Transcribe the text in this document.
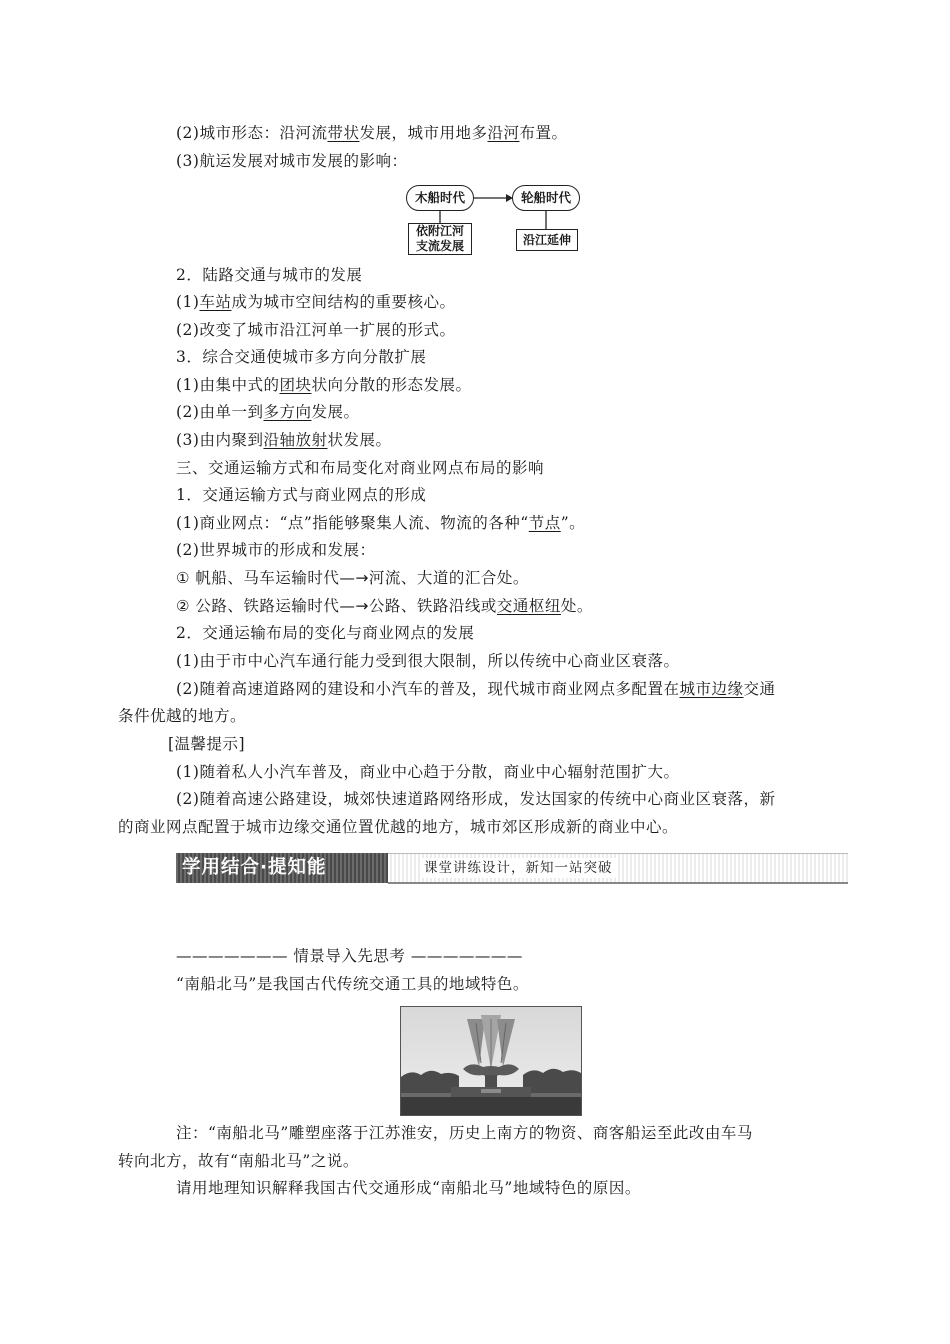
(2)城市形态：沿河流带状发展，城市用地多沿河布置。
(3)航运发展对城市发展的影响：
木船时代	轮船时代
依附江河
支流发展	沿江延伸
2．陆路交通与城市的发展
(1)车站成为城市空间结构的重要核心。
(2)改变了城市沿江河单一扩展的形式。
3．综合交通使城市多方向分散扩展
(1)由集中式的团块状向分散的形态发展。
(2)由单一到多方向发展。
(3)由内聚到沿轴放射状发展。
三、交通运输方式和布局变化对商业网点布局的影响
1．交通运输方式与商业网点的形成
(1)商业网点：“点”指能够聚集人流、物流的各种“节点”。
(2)世界城市的形成和发展：
① 帆船、马车运输时代—→河流、大道的汇合处。
② 公路、铁路运输时代—→公路、铁路沿线或交通枢纽处。
2．交通运输布局的变化与商业网点的发展
(1)由于市中心汽车通行能力受到很大限制，所以传统中心商业区衰落。
(2)随着高速道路网的建设和小汽车的普及，现代城市商业网点多配置在城市边缘交通
条件优越的地方。
[温馨提示]
(1)随着私人小汽车普及，商业中心趋于分散，商业中心辐射范围扩大。
(2)随着高速公路建设，城郊快速道路网络形成，发达国家的传统中心商业区衰落，新
的商业网点配置于城市边缘交通位置优越的地方，城市郊区形成新的商业中心。
学用结合·提知能	课堂讲练设计，新知一站突破
——————— 情景导入先思考 ———————
“南船北马”是我国古代传统交通工具的地域特色。
注：“南船北马”雕塑座落于江苏淮安，历史上南方的物资、商客船运至此改由车马
转向北方，故有“南船北马”之说。
请用地理知识解释我国古代交通形成“南船北马”地域特色的原因。
